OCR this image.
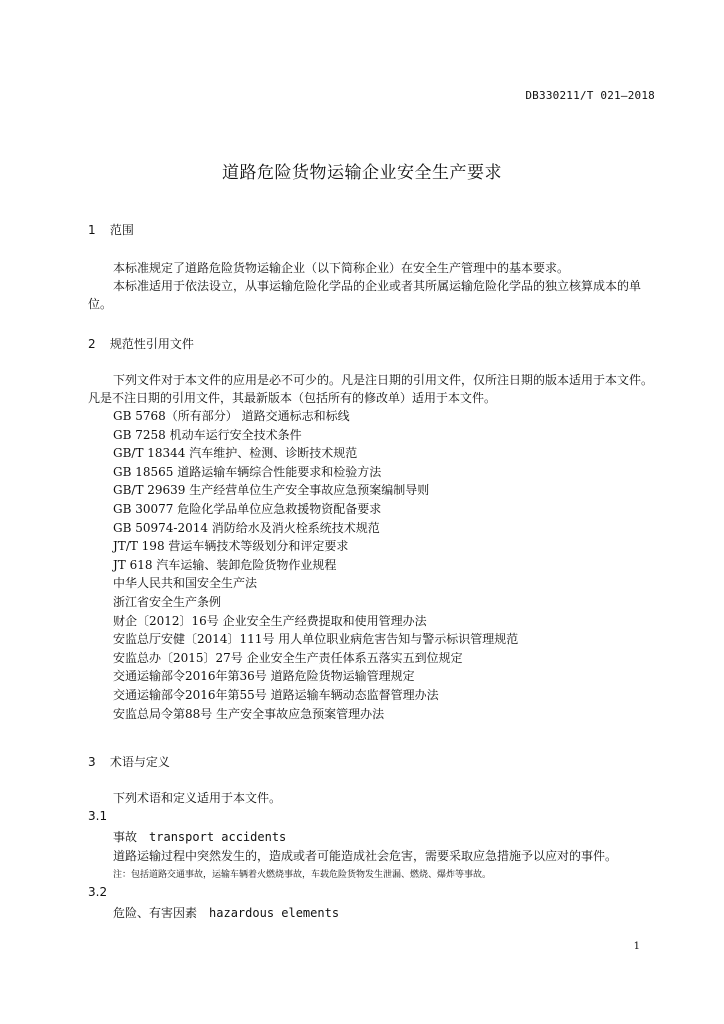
DB330211/T 021—2018
道路危险货物运输企业安全生产要求
1 范围
本标准规定了道路危险货物运输企业（以下简称企业）在安全生产管理中的基本要求。
本标准适用于依法设立，从事运输危险化学品的企业或者其所属运输危险化学品的独立核算成本的单位。
2 规范性引用文件
下列文件对于本文件的应用是必不可少的。凡是注日期的引用文件，仅所注日期的版本适用于本文件。凡是不注日期的引用文件，其最新版本（包括所有的修改单）适用于本文件。
GB 5768（所有部分） 道路交通标志和标线
GB 7258 机动车运行安全技术条件
GB/T 18344 汽车维护、检测、诊断技术规范
GB 18565 道路运输车辆综合性能要求和检验方法
GB/T 29639 生产经营单位生产安全事故应急预案编制导则
GB 30077 危险化学品单位应急救援物资配备要求
GB 50974-2014 消防给水及消火栓系统技术规范
JT/T 198 营运车辆技术等级划分和评定要求
JT 618 汽车运输、装卸危险货物作业规程
中华人民共和国安全生产法
浙江省安全生产条例
财企〔2012〕16号 企业安全生产经费提取和使用管理办法
安监总厅安健〔2014〕111号 用人单位职业病危害告知与警示标识管理规范
安监总办〔2015〕27号 企业安全生产责任体系五落实五到位规定
交通运输部令2016年第36号 道路危险货物运输管理规定
交通运输部令2016年第55号 道路运输车辆动态监督管理办法
安监总局令第88号 生产安全事故应急预案管理办法
3 术语与定义
下列术语和定义适用于本文件。
3.1
事故 transport accidents
道路运输过程中突然发生的，造成或者可能造成社会危害，需要采取应急措施予以应对的事件。
注：包括道路交通事故，运输车辆着火燃烧事故，车载危险货物发生泄漏、燃烧、爆炸等事故。
3.2
危险、有害因素 hazardous elements
1
